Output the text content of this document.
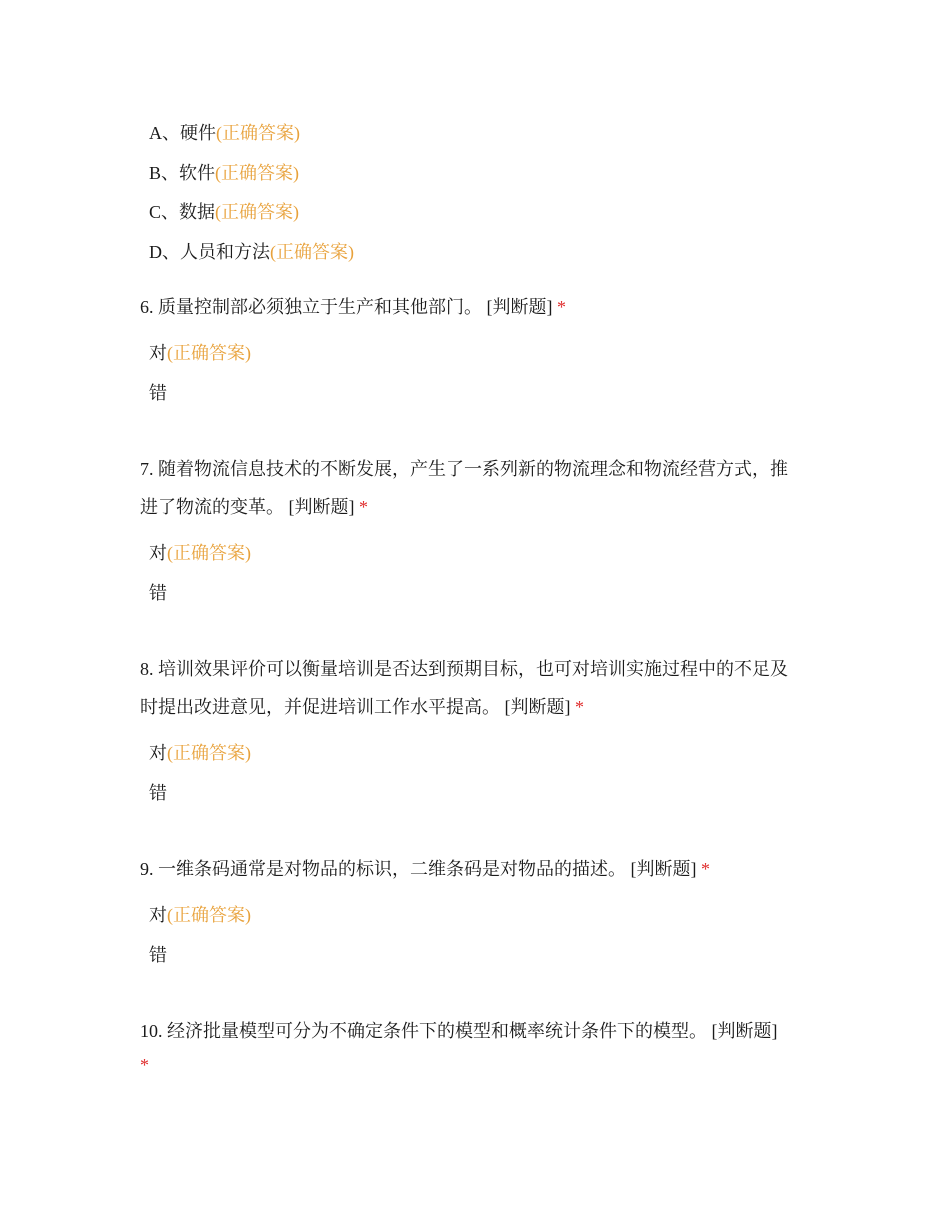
A、硬件(正确答案)
B、软件(正确答案)
C、数据(正确答案)
D、人员和方法(正确答案)
6. 质量控制部必须独立于生产和其他部门。 [判断题] *
对(正确答案)
错
7. 随着物流信息技术的不断发展，产生了一系列新的物流理念和物流经营方式，推
进了物流的变革。 [判断题] *
对(正确答案)
错
8. 培训效果评价可以衡量培训是否达到预期目标，也可对培训实施过程中的不足及
时提出改进意见，并促进培训工作水平提高。 [判断题] *
对(正确答案)
错
9. 一维条码通常是对物品的标识，二维条码是对物品的描述。 [判断题] *
对(正确答案)
错
10. 经济批量模型可分为不确定条件下的模型和概率统计条件下的模型。 [判断题]
*
